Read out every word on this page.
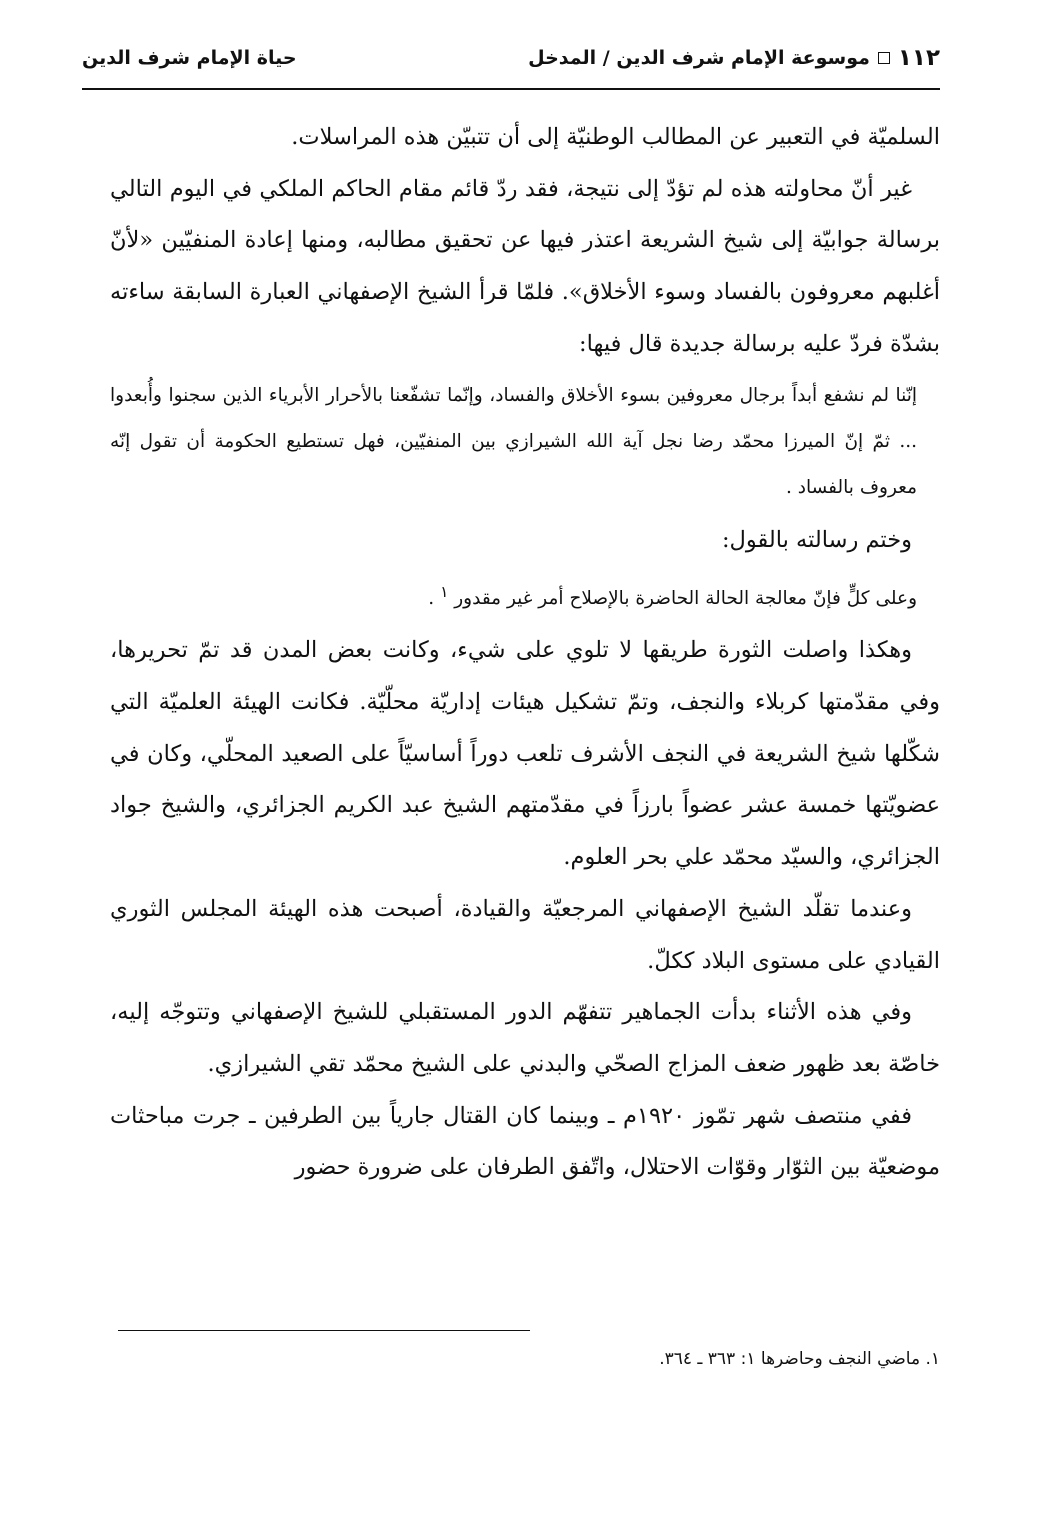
١١٢
موسوعة الإمام شرف الدين / المدخل
حياة الإمام شرف الدين

السلميّة في التعبير عن المطالب الوطنيّة إلى أن تتبيّن هذه المراسلات.

غير أنّ محاولته هذه لم تؤدّ إلى نتيجة، فقد ردّ قائم مقام الحاكم الملكي في اليوم التالي برسالة جوابيّة إلى شيخ الشريعة اعتذر فيها عن تحقيق مطالبه، ومنها إعادة المنفيّين «لأنّ أغلبهم معروفون بالفساد وسوء الأخلاق». فلمّا قرأ الشيخ الإصفهاني العبارة السابقة ساءته بشدّة فردّ عليه برسالة جديدة قال فيها:

إنّنا لم نشفع أبداً برجال معروفين بسوء الأخلاق والفساد، وإنّما تشفّعنا بالأحرار الأبرياء الذين سجنوا وأُبعدوا ... ثمّ إنّ الميرزا محمّد رضا نجل آية الله الشيرازي بين المنفيّين، فهل تستطيع الحكومة أن تقول إنّه معروف بالفساد .

وختم رسالته بالقول:

وعلى كلٍّ فإنّ معالجة الحالة الحاضرة بالإصلاح أمر غير مقدور $^١$ .

وهكذا واصلت الثورة طريقها لا تلوي على شيء، وكانت بعض المدن قد تمّ تحريرها، وفي مقدّمتها كربلاء والنجف، وتمّ تشكيل هيئات إداريّة محلّيّة. فكانت الهيئة العلميّة التي شكّلها شيخ الشريعة في النجف الأشرف تلعب دوراً أساسيّاً على الصعيد المحلّي، وكان في عضويّتها خمسة عشر عضواً بارزاً في مقدّمتهم الشيخ عبد الكريم الجزائري، والشيخ جواد الجزائري، والسيّد محمّد علي بحر العلوم.

وعندما تقلّد الشيخ الإصفهاني المرجعيّة والقيادة، أصبحت هذه الهيئة المجلس الثوري القيادي على مستوى البلاد ككلّ.

وفي هذه الأثناء بدأت الجماهير تتفهّم الدور المستقبلي للشيخ الإصفهاني وتتوجّه إليه، خاصّة بعد ظهور ضعف المزاج الصحّي والبدني على الشيخ محمّد تقي الشيرازي.

ففي منتصف شهر تمّوز ١٩٢٠م ـ وبينما كان القتال جارياً بين الطرفين ـ جرت مباحثات موضعيّة بين الثوّار وقوّات الاحتلال، واتّفق الطرفان على ضرورة حضور

١. ماضي النجف وحاضرها ١: ٣٦٣ ـ ٣٦٤.
